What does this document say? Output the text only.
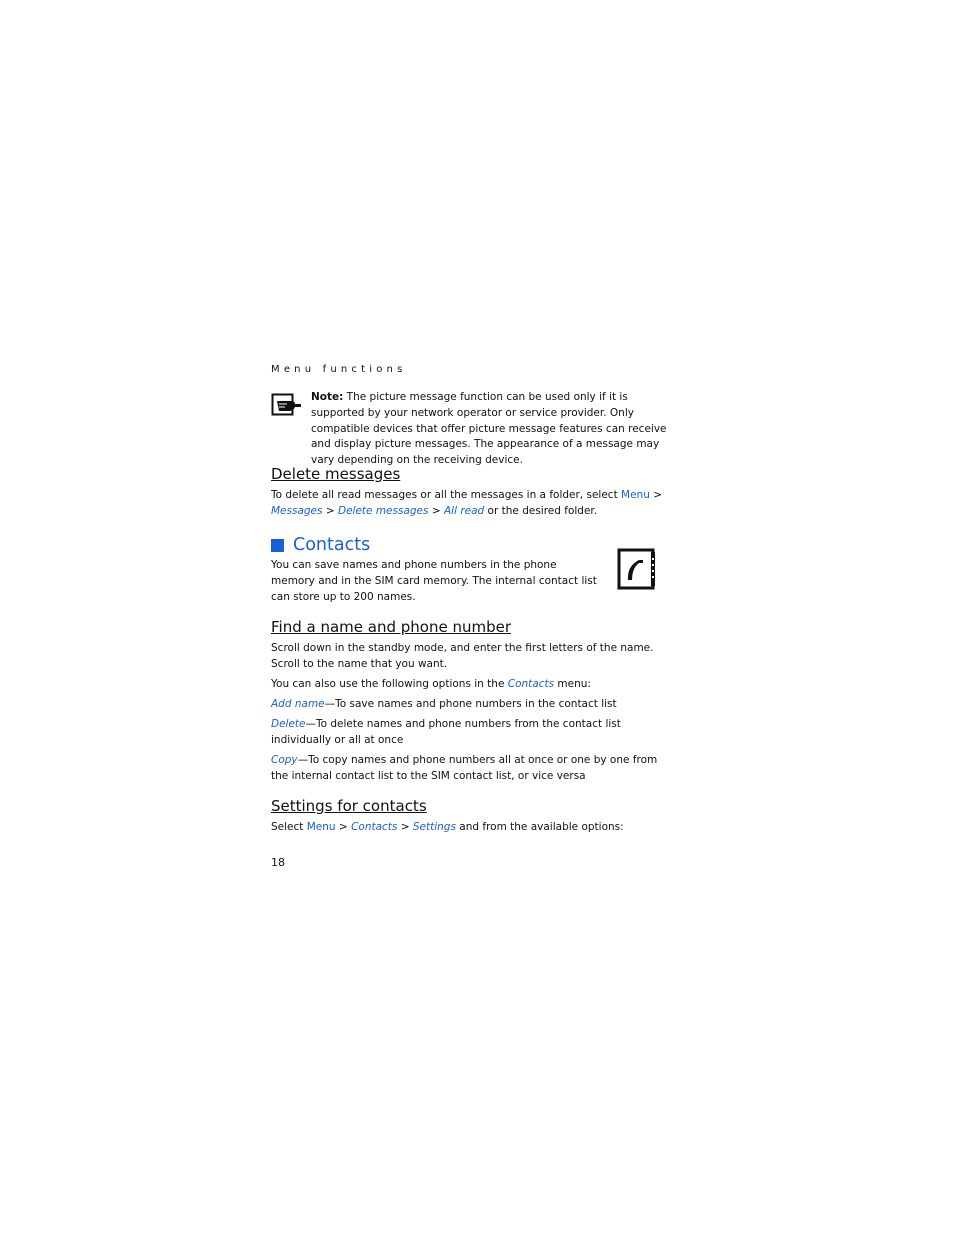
Menu functions
Note: The picture message function can be used only if it is supported by your network operator or service provider. Only compatible devices that offer picture message features can receive and display picture messages. The appearance of a message may vary depending on the receiving device.
Delete messages

To delete all read messages or all the messages in a folder, select Menu > Messages > Delete messages > All read or the desired folder.

Contacts

You can save names and phone numbers in the phone memory and in the SIM card memory. The internal contact list can store up to 200 names.

Find a name and phone number

Scroll down in the standby mode, and enter the first letters of the name. Scroll to the name that you want.

You can also use the following options in the Contacts menu:

Add name—To save names and phone numbers in the contact list

Delete—To delete names and phone numbers from the contact list individually or all at once

Copy—To copy names and phone numbers all at once or one by one from the internal contact list to the SIM contact list, or vice versa

Settings for contacts

Select Menu > Contacts > Settings and from the available options:

18
